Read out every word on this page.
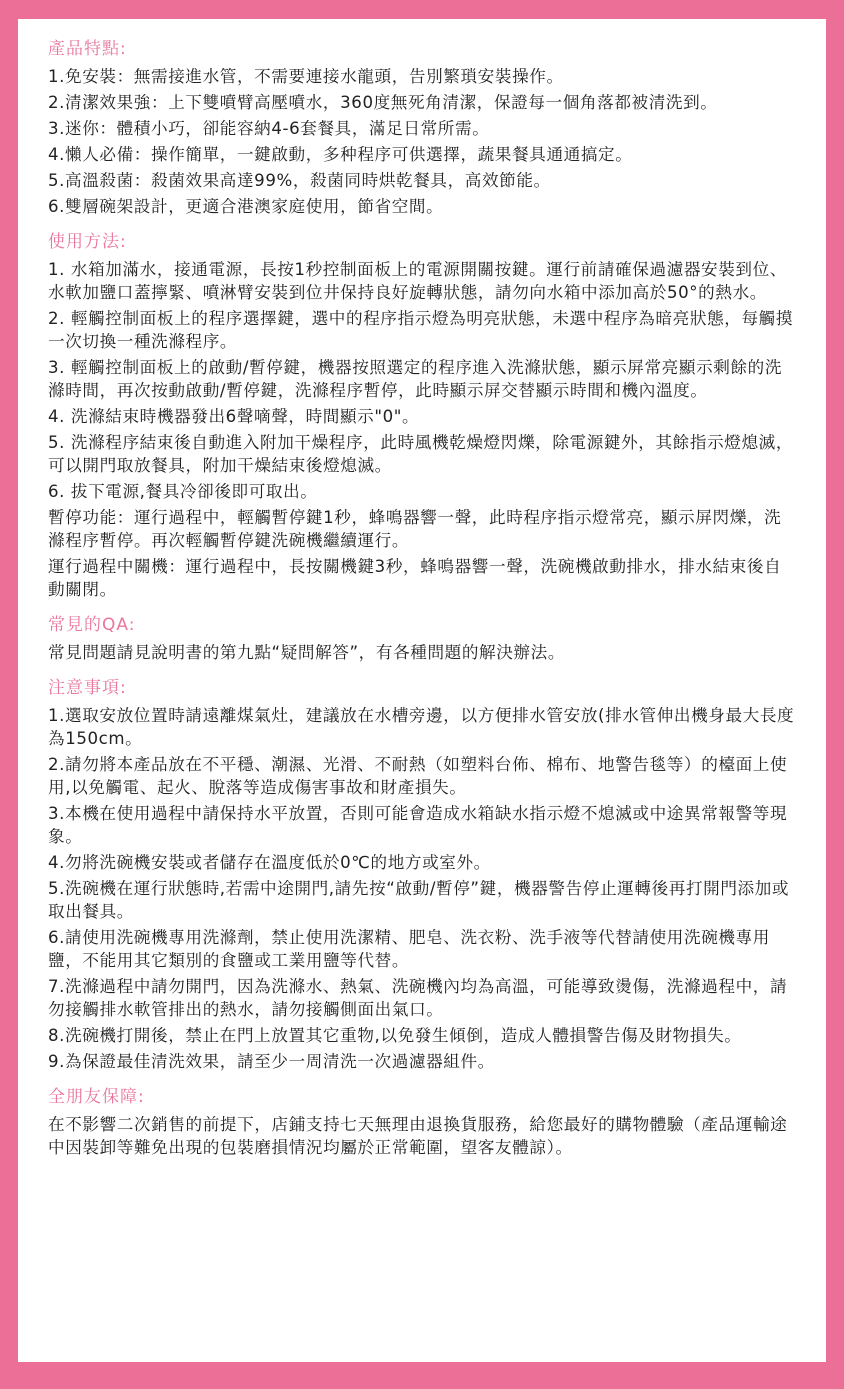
產品特點:

1.免安裝：無需接進水管，不需要連接水龍頭，告別繁瑣安裝操作。

2.清潔效果強：上下雙噴臂高壓噴水，360度無死角清潔，保證每一個角落都被清洗到。

3.迷你：體積小巧，卻能容納4-6套餐具，滿足日常所需。

4.懶人必備：操作簡單，一鍵啟動，多种程序可供選擇，蔬果餐具通通搞定。

5.高溫殺菌：殺菌效果高達99%，殺菌同時烘乾餐具，高效節能。

6.雙層碗架設計，更適合港澳家庭使用，節省空間。

使用方法:

1. 水箱加滿水，接通電源，長按1秒控制面板上的電源開關按鍵。運行前請確保過濾器安裝到位、水軟加鹽口蓋擰緊、噴淋臂安裝到位井保持良好旋轉狀態，請勿向水箱中添加高於50°的熱水。

2. 輕觸控制面板上的程序選擇鍵，選中的程序指示燈為明亮狀態，未選中程序為暗亮狀態，每觸摸一次切換一種洗滌程序。

3. 輕觸控制面板上的啟動/暫停鍵，機器按照選定的程序進入洗滌狀態，顯示屏常亮顯示剩餘的洗滌時間，再次按動啟動/暫停鍵，洗滌程序暫停，此時顯示屏交替顯示時間和機內溫度。

4. 洗滌結束時機器發出6聲嘀聲，時間顯示"0"。

5. 洗滌程序結束後自動進入附加干燥程序，此時風機乾燥燈閃爍，除電源鍵外，其餘指示燈熄滅，可以開門取放餐具，附加干燥結束後燈熄滅。

6. 拔下電源,餐具冷卻後即可取出。

暫停功能：運行過程中，輕觸暫停鍵1秒，蜂鳴器響一聲，此時程序指示燈常亮，顯示屏閃爍，洗滌程序暫停。再次輕觸暫停鍵洗碗機繼續運行。

運行過程中關機：運行過程中，長按關機鍵3秒，蜂鳴器響一聲，洗碗機啟動排水，排水結束後自動關閉。

常見的QA:

常見問題請見說明書的第九點“疑問解答”，有各種問題的解決辦法。

注意事項:

1.選取安放位置時請遠離煤氣灶，建議放在水槽旁邊，以方便排水管安放(排水管伸出機身最大長度為150cm。

2.請勿將本產品放在不平穩、潮濕、光滑、不耐熱（如塑料台佈、棉布、地警告毯等）的檯面上使用,以免觸電、起火、脫落等造成傷害事故和財產損失。

3.本機在使用過程中請保持水平放置，否則可能會造成水箱缺水指示燈不熄滅或中途異常報警等現象。

4.勿將洗碗機安裝或者儲存在溫度低於0℃的地方或室外。

5.洗碗機在運行狀態時,若需中途開門,請先按“啟動/暫停”鍵，機器警告停止運轉後再打開門添加或取出餐具。

6.請使用洗碗機專用洗滌劑，禁止使用洗潔精、肥皂、洗衣粉、洗手液等代替請使用洗碗機專用鹽，不能用其它類別的食鹽或工業用鹽等代替。

7.洗滌過程中請勿開門，因為洗滌水、熱氣、洗碗機內均為高溫，可能導致燙傷，洗滌過程中，請勿接觸排水軟管排出的熱水，請勿接觸側面出氣口。

8.洗碗機打開後，禁止在門上放置其它重物,以免發生傾倒，造成人體損警告傷及財物損失。

9.為保證最佳清洗效果，請至少一周清洗一次過濾器組件。

全朋友保障:

在不影響二次銷售的前提下，店鋪支持七天無理由退換貨服務，給您最好的購物體驗（產品運輸途中因裝卸等難免出現的包裝磨損情況均屬於正常範圍，望客友體諒）。
